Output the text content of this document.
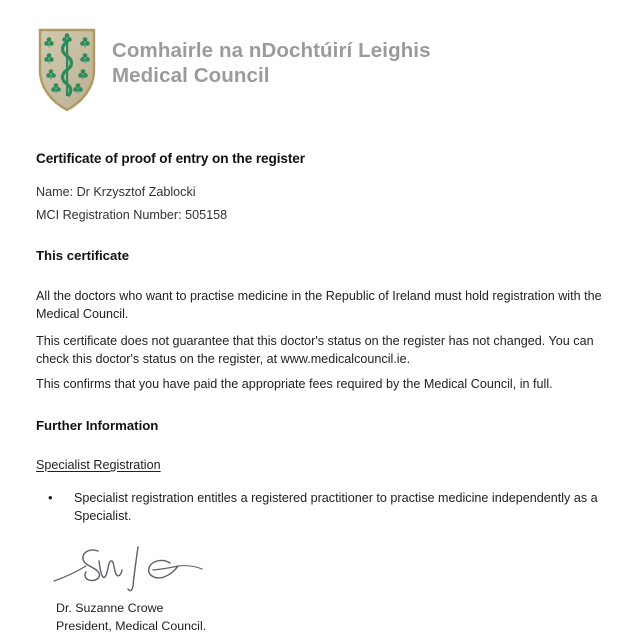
Comhairle na nDochtúirí Leighis
Medical Council
Certificate of proof of entry on the register
Name: Dr Krzysztof Zablocki
MCI Registration Number: 505158
This certificate
All the doctors who want to practise medicine in the Republic of Ireland must hold registration with the Medical Council.
This certificate does not guarantee that this doctor's status on the register has not changed. You can check this doctor's status on the register, at www.medicalcouncil.ie.
This confirms that you have paid the appropriate fees required by the Medical Council, in full.
Further Information
Specialist Registration
•	Specialist registration entitles a registered practitioner to practise medicine independently as a Specialist.
Dr. Suzanne Crowe
President, Medical Council.
